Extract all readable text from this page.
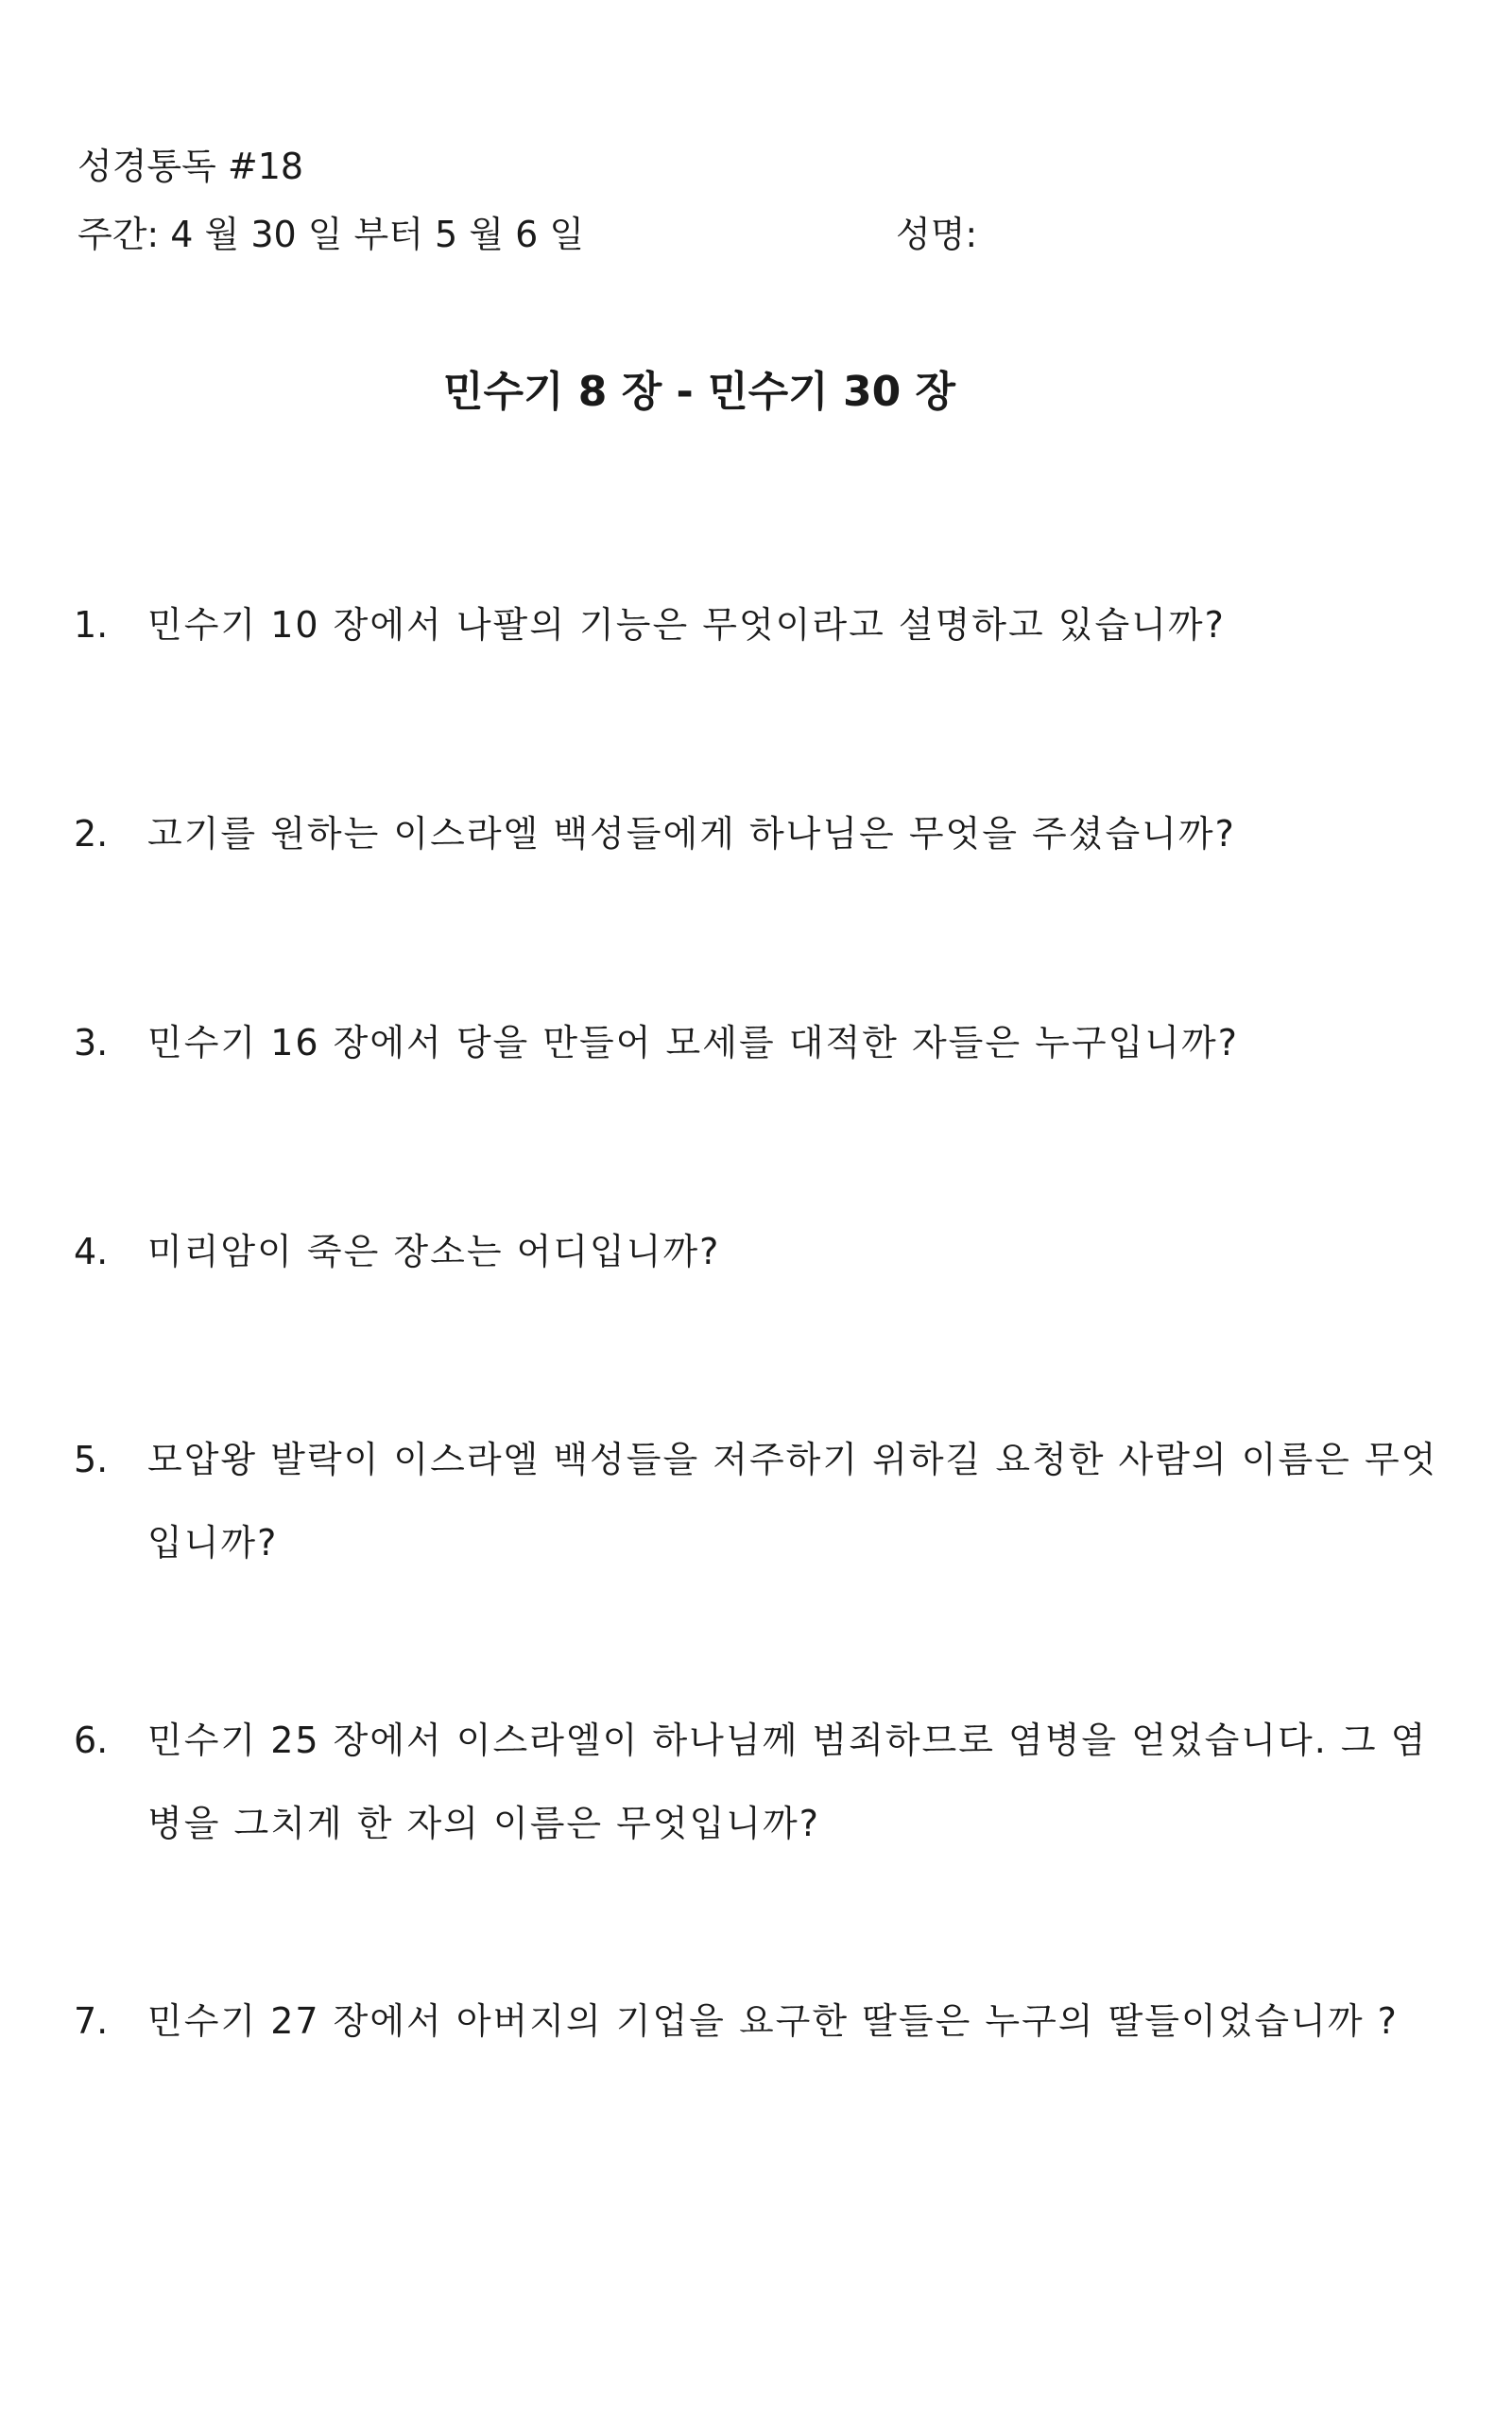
성경통독 #18
주간: 4 월 30 일 부터 5 월 6 일	성명:
민수기 8 장 - 민수기 30 장
1. 민수기 10 장에서 나팔의 기능은 무엇이라고 설명하고 있습니까?
2. 고기를 원하는 이스라엘 백성들에게 하나님은 무엇을 주셨습니까?
3. 민수기 16 장에서 당을 만들어 모세를 대적한 자들은 누구입니까?
4. 미리암이 죽은 장소는 어디입니까?
5. 모압왕 발락이 이스라엘 백성들을 저주하기 위하길 요청한 사람의 이름은 무엇입니까?
6. 민수기 25 장에서 이스라엘이 하나님께 범죄하므로 염병을 얻었습니다. 그 염병을 그치게 한 자의 이름은 무엇입니까?
7. 민수기 27 장에서 아버지의 기업을 요구한 딸들은 누구의 딸들이었습니까 ?
